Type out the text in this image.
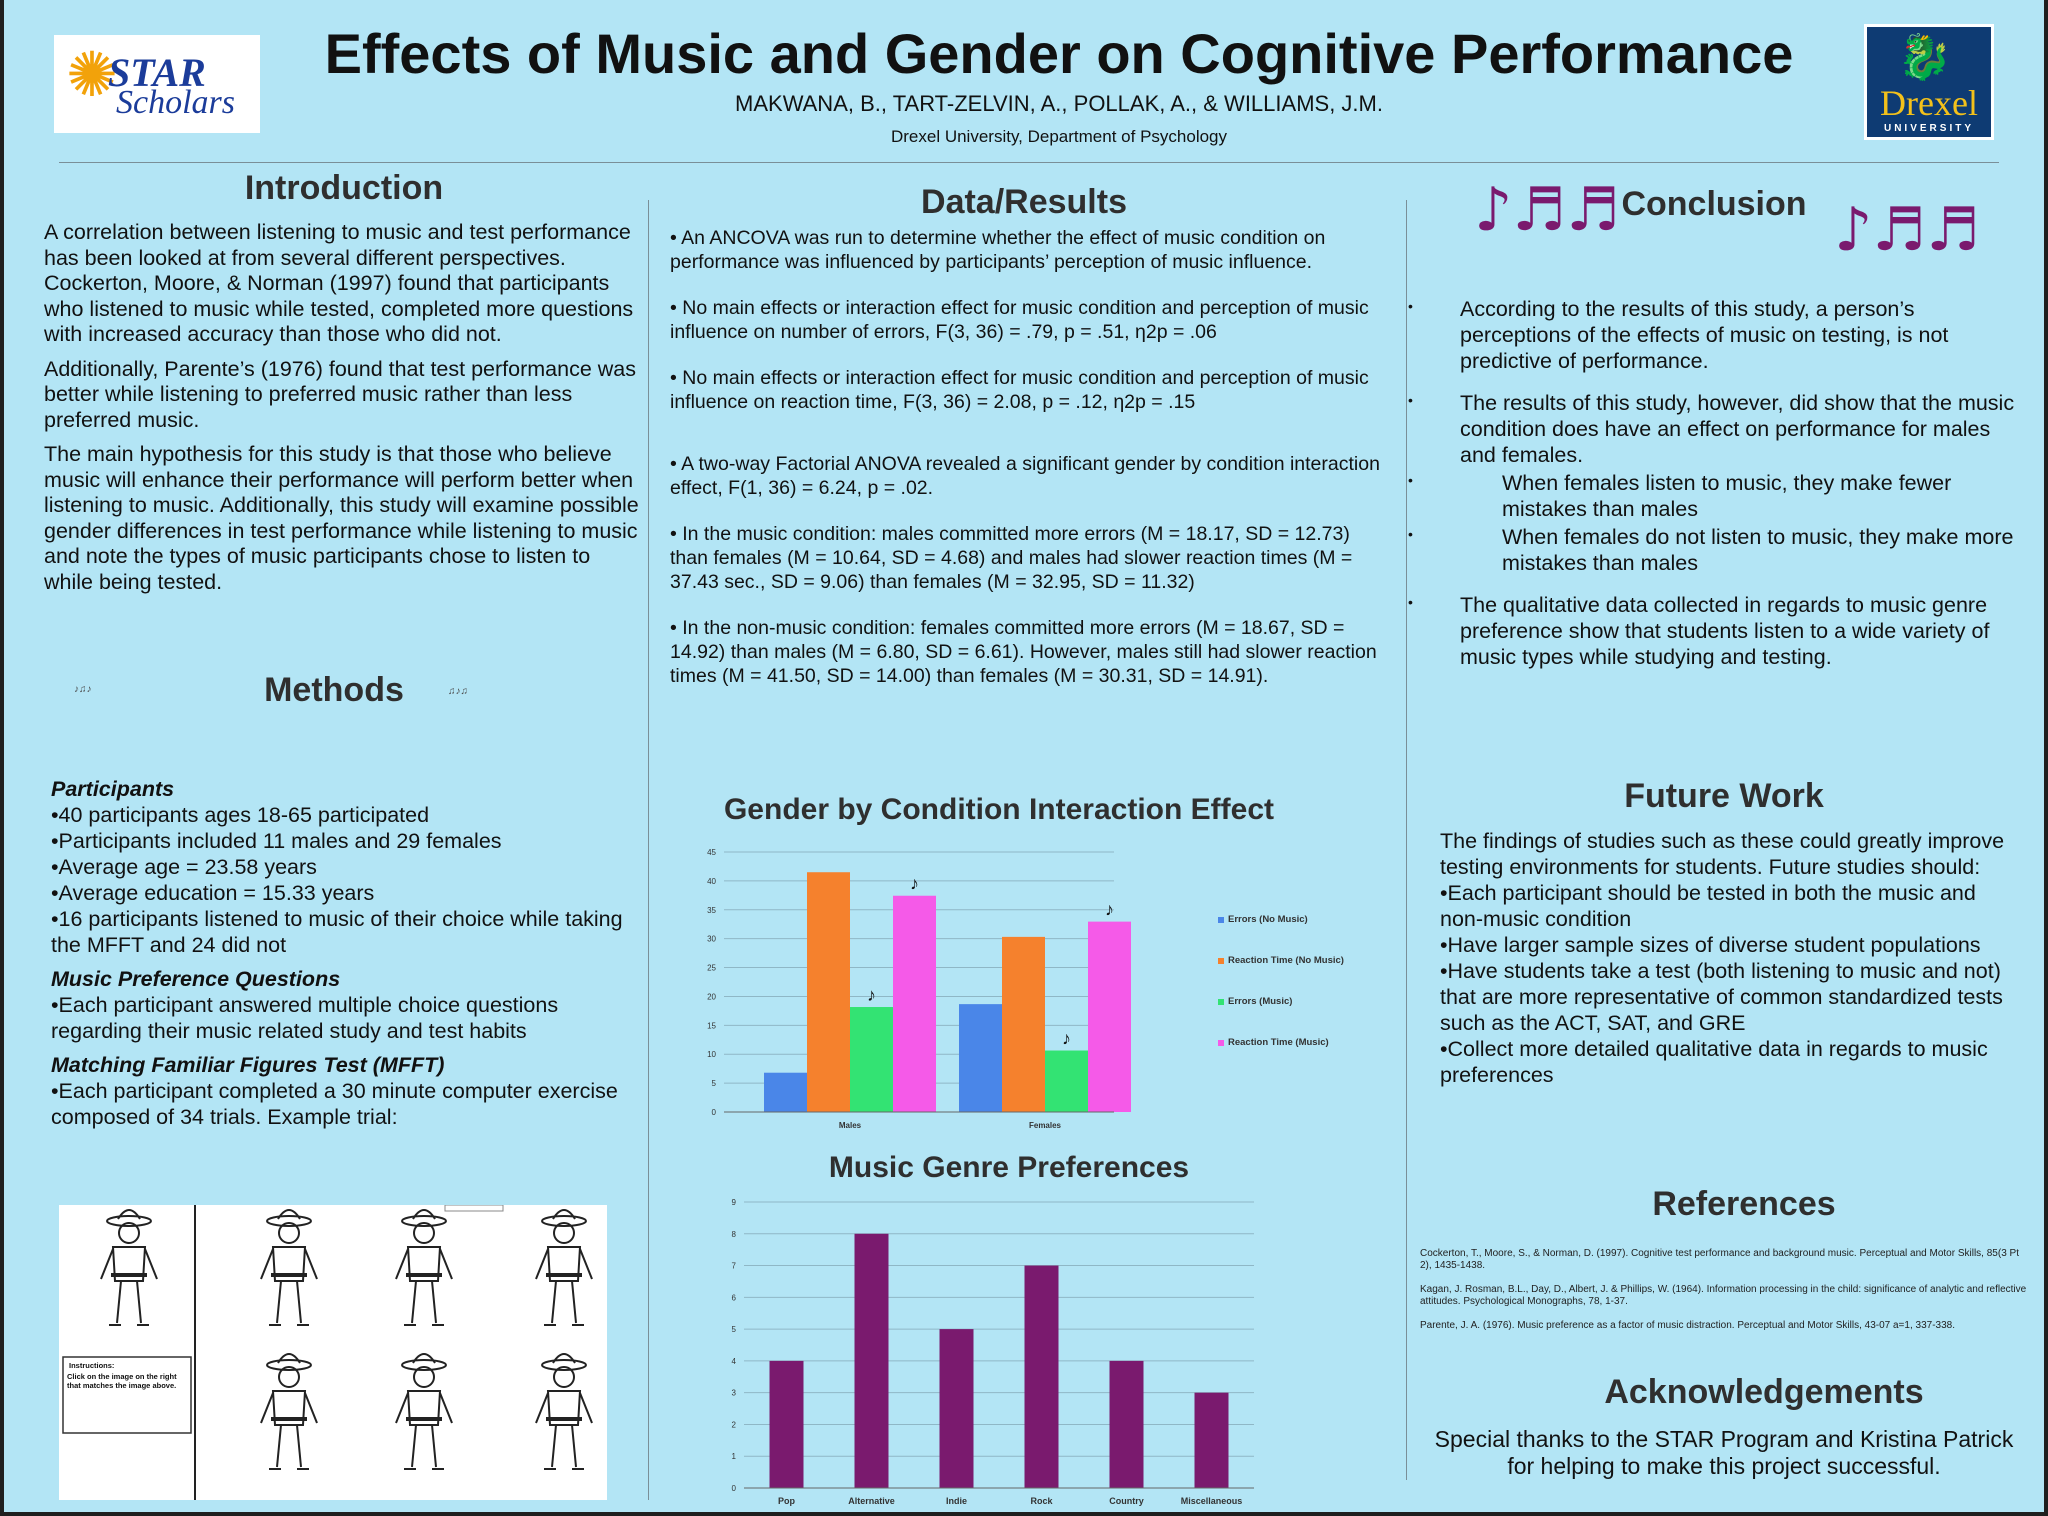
✺
STAR
Scholars
🐉
Drexel
UNIVERSITY
Effects of Music and Gender on Cognitive Performance
MAKWANA, B., TART-ZELVIN, A., POLLAK, A., & WILLIAMS, J.M.
Drexel University, Department of Psychology
Introduction

A correlation between listening to music and test performance has been looked at from several different perspectives. Cockerton, Moore, & Norman (1997) found that participants who listened to music while tested, completed more questions with increased accuracy than those who did not.

Additionally, Parente’s (1976) found that test performance was better while listening to preferred music rather than less preferred music.

The main hypothesis for this study is that those who believe music will enhance their performance will perform better when listening to music. Additionally, this study will examine possible gender differences in test performance while listening to music and note the types of music participants chose to listen to while being tested.

♪♫♪	Methods	♫♪♫

Participants

•40 participants ages 18-65 participated

•Participants included 11 males and 29 females

•Average age = 23.58 years

•Average education = 15.33 years

•16 participants listened to music of their choice while taking the MFFT and 24 did not

Music Preference Questions

•Each participant answered multiple choice questions regarding their music related study and test habits

Matching Familiar Figures Test (MFFT)

•Each participant completed a 30 minute computer exercise composed of 34 trials. Example trial:

Instructions:
Click on the image on the right that matches the image above.
Data/Results

• An ANCOVA was run to determine whether the effect of music condition on performance was influenced by participants’ perception of music influence.

• No main effects or interaction effect for music condition and perception of music influence on number of errors, F(3, 36) = .79, p = .51, η2p = .06

• No main effects or interaction effect for music condition and perception of music influence on reaction time, F(3, 36) = 2.08, p = .12, η2p = .15

• A two-way Factorial ANOVA revealed a significant gender by condition interaction effect, F(1, 36) = 6.24, p = .02.

• In the music condition: males committed more errors (M = 18.17, SD = 12.73) than females (M = 10.64, SD = 4.68) and males had slower reaction times (M = 37.43 sec., SD = 9.06) than females (M = 32.95, SD = 11.32)

• In the non-music condition: females committed more errors (M = 18.67, SD = 14.92) than males (M = 6.80, SD = 6.61). However, males still had slower reaction times (M = 41.50, SD = 14.00) than females (M = 30.31, SD = 14.91).

Gender by Condition Interaction Effect
0
5
10
15
20
25
30
35
40
45
♪
♪
Males
♪
♪
Females
Errors (No Music)
Reaction Time (No Music)
Errors (Music)
Reaction Time (Music)
Music Genre Preferences
0
1
2
3
4
5
6
7
8
9
Pop	Alternative	Indie	Rock	Country	Miscellaneous
♪♬♬ Conclusion ♪♬♬
• According to the results of this study, a person’s perceptions of the effects of music on testing, is not predictive of performance.

• The results of this study, however, did show that the music condition does have an effect on performance for males and females.

•	When females listen to music, they make fewer mistakes than males

•	When females do not listen to music, they make more mistakes than males

• The qualitative data collected in regards to music genre preference show that students listen to a wide variety of music types while studying and testing.

Future Work

The findings of studies such as these could greatly improve testing environments for students. Future studies should:

•Each participant should be tested in both the music and non-music condition

•Have larger sample sizes of diverse student populations

•Have students take a test (both listening to music and not) that are more representative of common standardized tests such as the ACT, SAT, and GRE

•Collect more detailed qualitative data in regards to music preferences

References

Cockerton, T., Moore, S., & Norman, D. (1997). Cognitive test performance and background music. Perceptual and Motor Skills, 85(3 Pt 2), 1435-1438.

Kagan, J. Rosman, B.L., Day, D., Albert, J. & Phillips, W. (1964). Information processing in the child: significance of analytic and reflective attitudes. Psychological Monographs, 78, 1-37.

Parente, J. A. (1976). Music preference as a factor of music distraction. Perceptual and Motor Skills, 43-07 a=1, 337-338.

Acknowledgements
Special thanks to the STAR Program and Kristina Patrick for helping to make this project successful.
